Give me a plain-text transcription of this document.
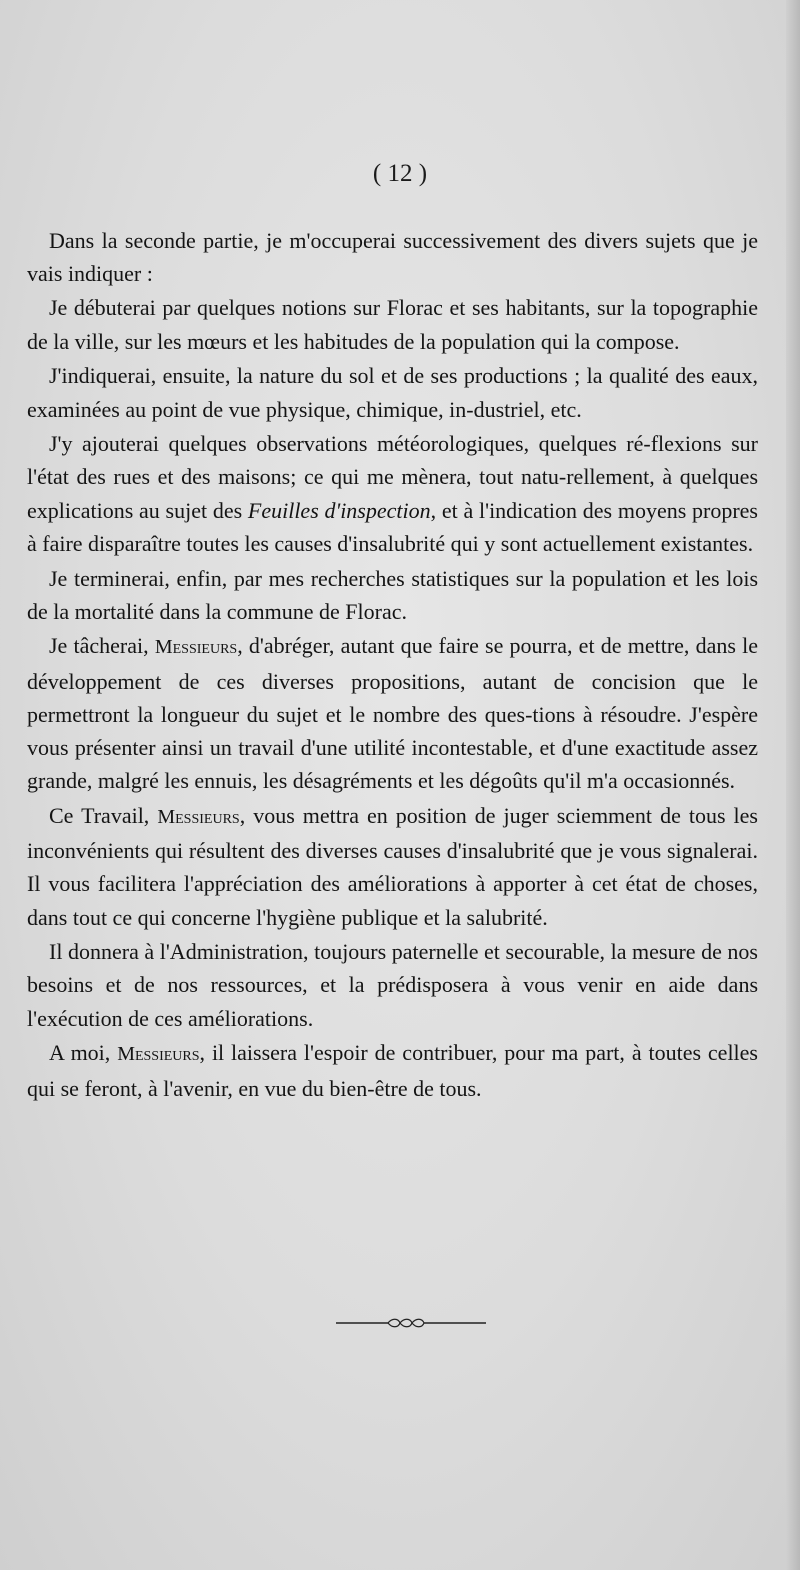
( 12 )

Dans la seconde partie, je m'occuperai successivement des divers sujets que je vais indiquer :

Je débuterai par quelques notions sur Florac et ses habitants, sur la topographie de la ville, sur les mœurs et les habitudes de la population qui la compose.

J'indiquerai, ensuite, la nature du sol et de ses productions ; la qualité des eaux, examinées au point de vue physique, chimique, in-dustriel, etc.

J'y ajouterai quelques observations météorologiques, quelques ré-flexions sur l'état des rues et des maisons; ce qui me mènera, tout natu-rellement, à quelques explications au sujet des Feuilles d'inspection, et à l'indication des moyens propres à faire disparaître toutes les causes d'insalubrité qui y sont actuellement existantes.

Je terminerai, enfin, par mes recherches statistiques sur la population et les lois de la mortalité dans la commune de Florac.

Je tâcherai, Messieurs, d'abréger, autant que faire se pourra, et de mettre, dans le développement de ces diverses propositions, autant de concision que le permettront la longueur du sujet et le nombre des ques-tions à résoudre. J'espère vous présenter ainsi un travail d'une utilité incontestable, et d'une exactitude assez grande, malgré les ennuis, les désagréments et les dégoûts qu'il m'a occasionnés.

Ce Travail, Messieurs, vous mettra en position de juger sciemment de tous les inconvénients qui résultent des diverses causes d'insalubrité que je vous signalerai. Il vous facilitera l'appréciation des améliorations à apporter à cet état de choses, dans tout ce qui concerne l'hygiène publique et la salubrité.

Il donnera à l'Administration, toujours paternelle et secourable, la mesure de nos besoins et de nos ressources, et la prédisposera à vous venir en aide dans l'exécution de ces améliorations.

A moi, Messieurs, il laissera l'espoir de contribuer, pour ma part, à toutes celles qui se feront, à l'avenir, en vue du bien-être de tous.
